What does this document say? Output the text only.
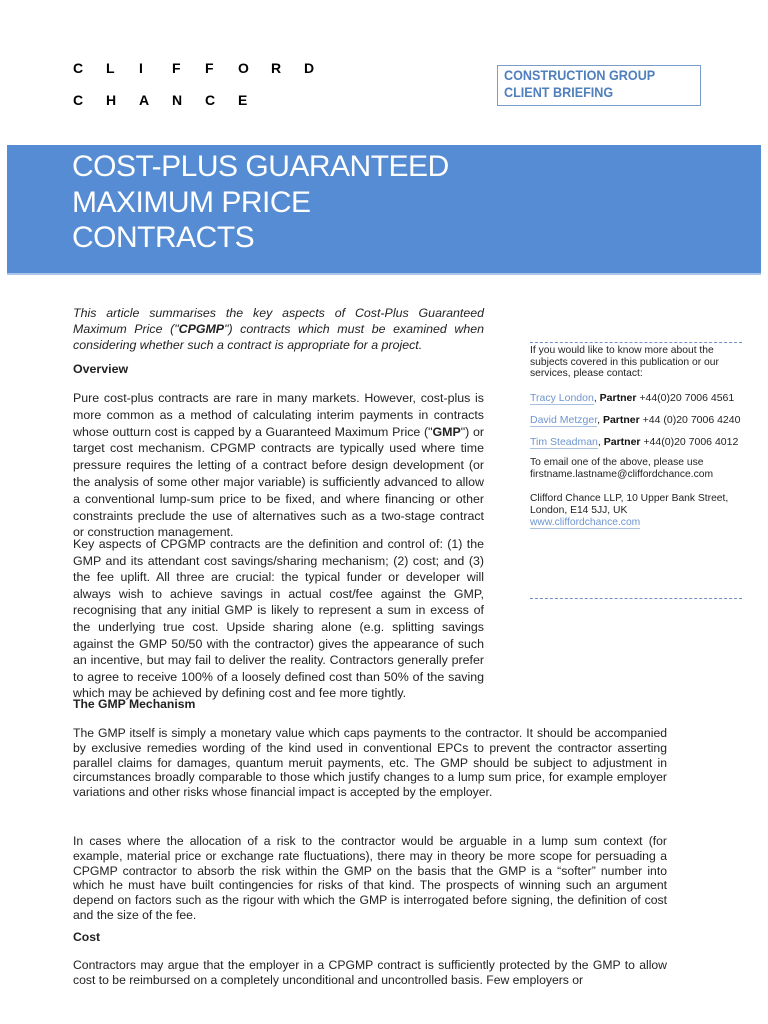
C L I F F O R D
C H A N C E
CONSTRUCTION GROUP
CLIENT BRIEFING
COST-PLUS GUARANTEED
MAXIMUM PRICE
CONTRACTS
This article summarises the key aspects of Cost-Plus Guaranteed Maximum Price ("CPGMP") contracts which must be examined when considering whether such a contract is appropriate for a project.
Overview

Pure cost-plus contracts are rare in many markets. However, cost-plus is more common as a method of calculating interim payments in contracts whose outturn cost is capped by a Guaranteed Maximum Price ("GMP") or target cost mechanism. CPGMP contracts are typically used where time pressure requires the letting of a contract before design development (or the analysis of some other major variable) is sufficiently advanced to allow a conventional lump-sum price to be fixed, and where financing or other constraints preclude the use of alternatives such as a two-stage contract or construction management.

Key aspects of CPGMP contracts are the definition and control of: (1) the GMP and its attendant cost savings/sharing mechanism; (2) cost; and (3) the fee uplift. All three are crucial: the typical funder or developer will always wish to achieve savings in actual cost/fee against the GMP, recognising that any initial GMP is likely to represent a sum in excess of the underlying true cost. Upside sharing alone (e.g. splitting savings against the GMP 50/50 with the contractor) gives the appearance of such an incentive, but may fail to deliver the reality. Contractors generally prefer to agree to receive 100% of a loosely defined cost than 50% of the saving which may be achieved by defining cost and fee more tightly.

The GMP Mechanism

The GMP itself is simply a monetary value which caps payments to the contractor. It should be accompanied by exclusive remedies wording of the kind used in conventional EPCs to prevent the contractor asserting parallel claims for damages, quantum meruit payments, etc. The GMP should be subject to adjustment in circumstances broadly comparable to those which justify changes to a lump sum price, for example employer variations and other risks whose financial impact is accepted by the employer.

In cases where the allocation of a risk to the contractor would be arguable in a lump sum context (for example, material price or exchange rate fluctuations), there may in theory be more scope for persuading a CPGMP contractor to absorb the risk within the GMP on the basis that the GMP is a “softer” number into which he must have built contingencies for risks of that kind. The prospects of winning such an argument depend on factors such as the rigour with which the GMP is interrogated before signing, the definition of cost and the size of the fee.

Cost

Contractors may argue that the employer in a CPGMP contract is sufficiently protected by the GMP to allow cost to be reimbursed on a completely unconditional and uncontrolled basis. Few employers or

If you would like to know more about the subjects covered in this publication or our services, please contact:
Tracy London, Partner +44(0)20 7006 4561
David Metzger, Partner +44 (0)20 7006 4240
Tim Steadman, Partner +44(0)20 7006 4012
To email one of the above, please use
firstname.lastname@cliffordchance.com
Clifford Chance LLP, 10 Upper Bank Street,
London, E14 5JJ, UK
www.cliffordchance.com
